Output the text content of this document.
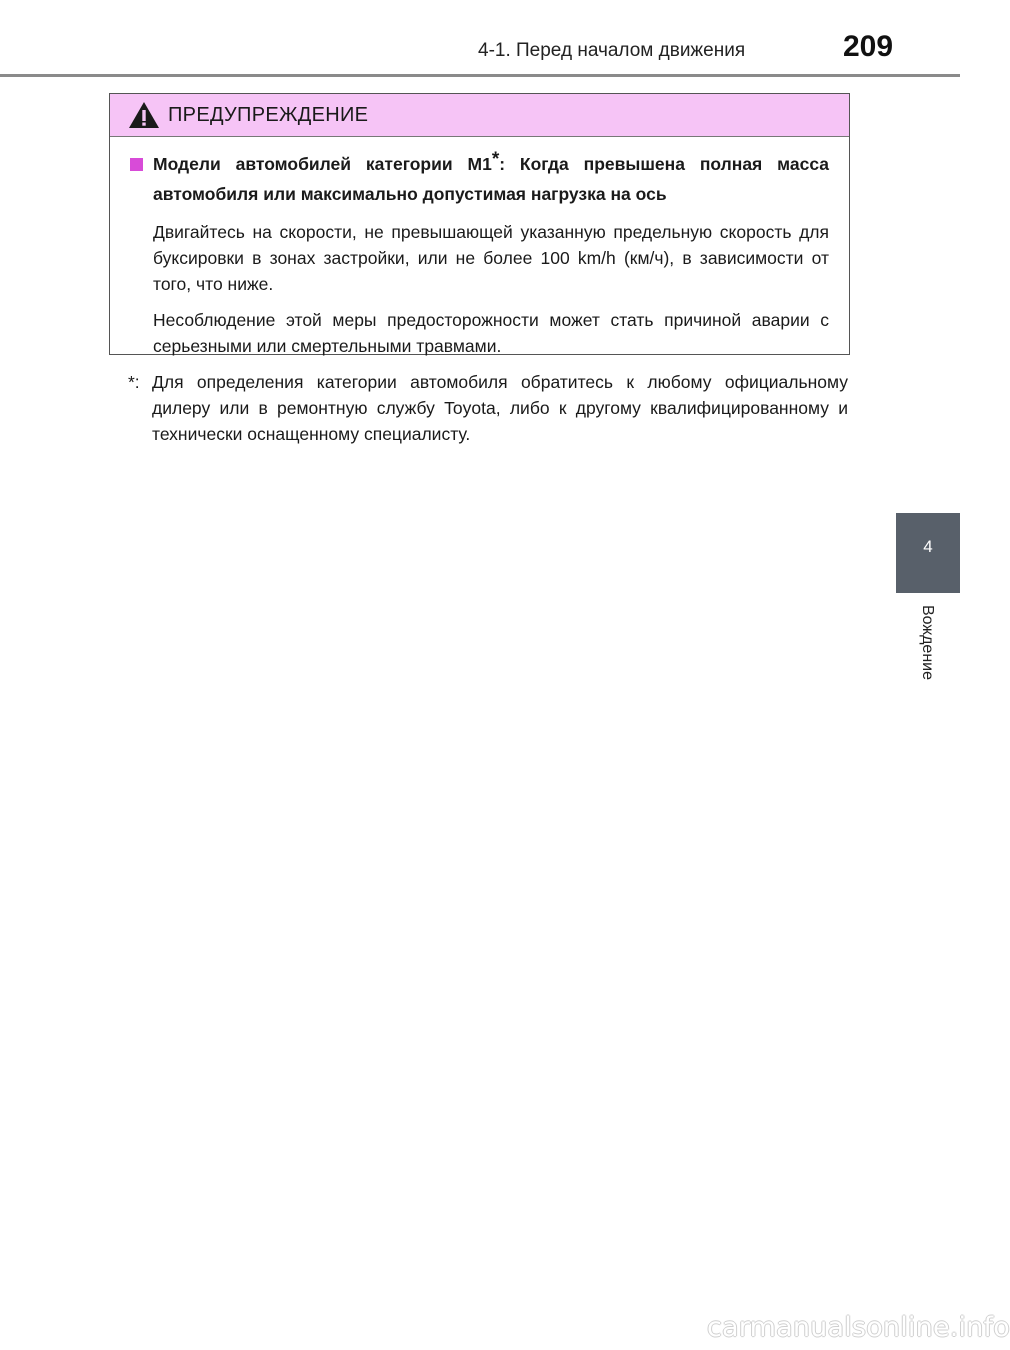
4-1. Перед началом движения	209
4
Вождение
ПРЕДУПРЕЖДЕНИЕ
Модели автомобилей категории M1*: Когда превышена полная масса автомобиля или максимально допустимая нагрузка на ось
Двигайтесь на скорости, не превышающей указанную предельную скорость для буксировки в зонах застройки, или не более 100 km/h (км/ч), в зависимости от того, что ниже.
Несоблюдение этой меры предосторожности может стать причиной аварии с серьезными или смертельными травмами.
*: Для определения категории автомобиля обратитесь к любому официальному дилеру или в ремонтную службу Toyota, либо к другому квалифицированному и технически оснащенному специалисту.
carmanualsonline.info
